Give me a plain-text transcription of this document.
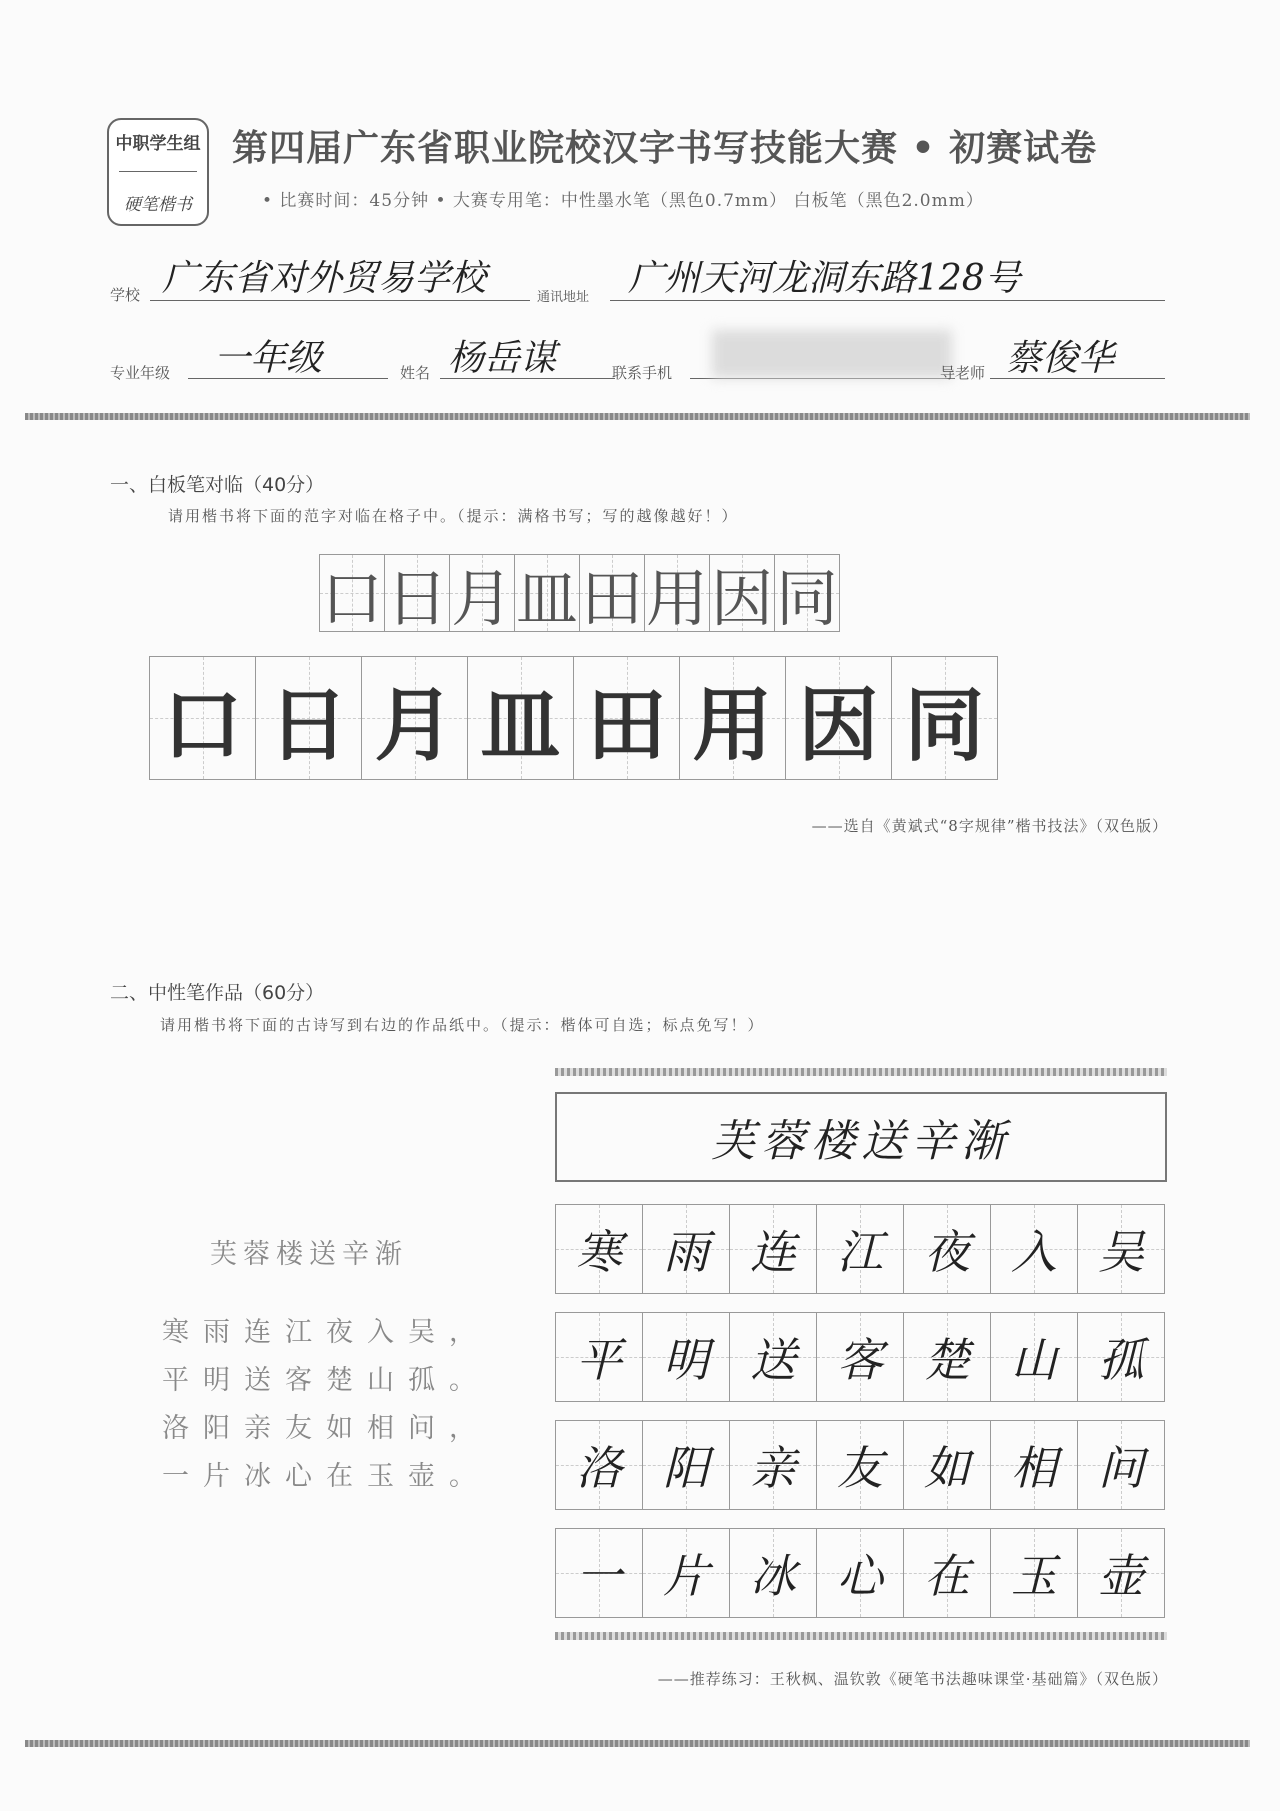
中职学生组
硬笔楷书
第四届广东省职业院校汉字书写技能大赛 • 初赛试卷
• 比赛时间：45分钟 • 大赛专用笔：中性墨水笔（黑色0.7mm） 白板笔（黑色2.0mm）
学校 广东省对外贸易学校	通讯地址 广州天河龙洞东路128号
专业年级 一年级	姓名 杨岳谋	联系手机	导老师 蔡俊华
一、白板笔对临（40分）
请用楷书将下面的范字对临在格子中。（提示：满格书写；写的越像越好！）
口 日 月 皿 田 用 因 同
口 日 月 皿 田 用 因 同
——选自《黄斌式“8字规律”楷书技法》（双色版）
二、中性笔作品（60分）
请用楷书将下面的古诗写到右边的作品纸中。（提示：楷体可自选；标点免写！）
芙蓉楼送辛渐
寒雨连江夜入吴，
平明送客楚山孤。
洛阳亲友如相问，
一片冰心在玉壶。
芙蓉楼送辛渐
寒 雨 连 江 夜 入 吴
平 明 送 客 楚 山 孤
洛 阳 亲 友 如 相 问
一 片 冰 心 在 玉 壶
——推荐练习：王秋枫、温钦敦《硬笔书法趣味课堂·基础篇》（双色版）
